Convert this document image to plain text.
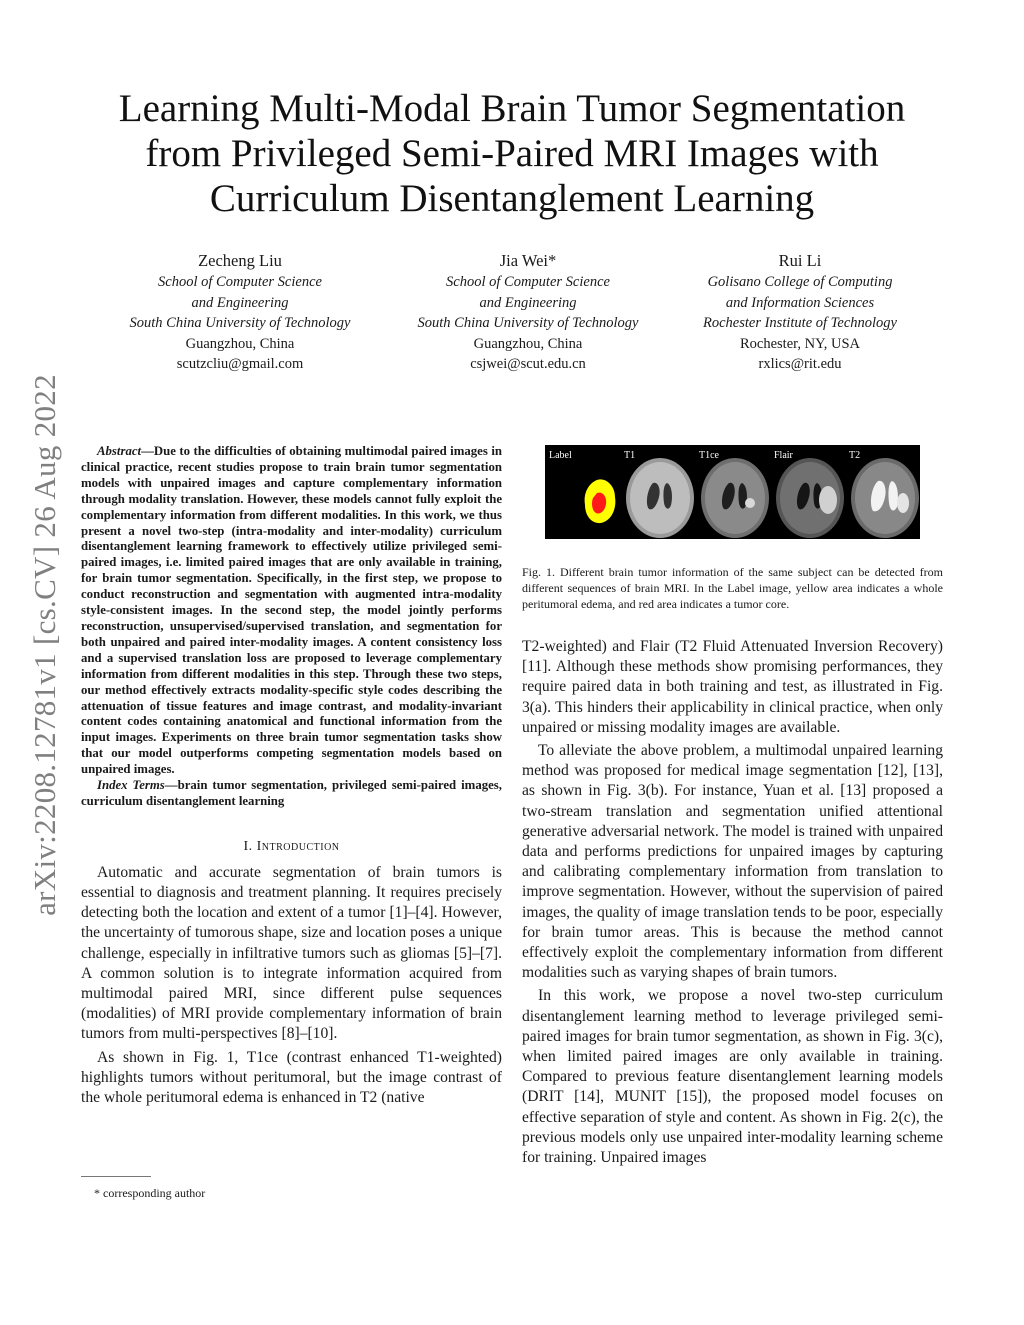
arXiv:2208.12781v1 [cs.CV] 26 Aug 2022
Learning Multi-Modal Brain Tumor Segmentation
from Privileged Semi-Paired MRI Images with
Curriculum Disentanglement Learning
Zecheng Liu
School of Computer Science
and Engineering
South China University of Technology
Guangzhou, China
scutzcliu@gmail.com
Jia Wei*
School of Computer Science
and Engineering
South China University of Technology
Guangzhou, China
csjwei@scut.edu.cn
Rui Li
Golisano College of Computing
and Information Sciences
Rochester Institute of Technology
Rochester, NY, USA
rxlics@rit.edu

Abstract—Due to the difficulties of obtaining multimodal paired images in clinical practice, recent studies propose to train brain tumor segmentation models with unpaired images and capture complementary information through modality translation. However, these models cannot fully exploit the complementary information from different modalities. In this work, we thus present a novel two-step (intra-modality and inter-modality) curriculum disentanglement learning framework to effectively utilize privileged semi-paired images, i.e. limited paired images that are only available in training, for brain tumor segmentation. Specifically, in the first step, we propose to conduct reconstruction and segmentation with augmented intra-modality style-consistent images. In the second step, the model jointly performs reconstruction, unsupervised/supervised translation, and segmentation for both unpaired and paired inter-modality images. A content consistency loss and a supervised translation loss are proposed to leverage complementary information from different modalities in this step. Through these two steps, our method effectively extracts modality-specific style codes describing the attenuation of tissue features and image contrast, and modality-invariant content codes containing anatomical and functional information from the input images. Experiments on three brain tumor segmentation tasks show that our model outperforms competing segmentation models based on unpaired images.

Index Terms—brain tumor segmentation, privileged semi-paired images, curriculum disentanglement learning

I. Introduction

Automatic and accurate segmentation of brain tumors is essential to diagnosis and treatment planning. It requires precisely detecting both the location and extent of a tumor [1]–[4]. However, the uncertainty of tumorous shape, size and location poses a unique challenge, especially in infiltrative tumors such as gliomas [5]–[7]. A common solution is to integrate information acquired from multimodal paired MRI, since different pulse sequences (modalities) of MRI provide complementary information of brain tumors from multi-perspectives [8]–[10].

As shown in Fig. 1, T1ce (contrast enhanced T1-weighted) highlights tumors without peritumoral, but the image contrast of the whole peritumoral edema is enhanced in T2 (native

* corresponding author
Label	T1	T1ce	Flair	T2
Fig. 1. Different brain tumor information of the same subject can be detected from different sequences of brain MRI. In the Label image, yellow area indicates a whole peritumoral edema, and red area indicates a tumor core.

T2-weighted) and Flair (T2 Fluid Attenuated Inversion Recovery) [11]. Although these methods show promising performances, they require paired data in both training and test, as illustrated in Fig. 3(a). This hinders their applicability in clinical practice, when only unpaired or missing modality images are available.

To alleviate the above problem, a multimodal unpaired learning method was proposed for medical image segmentation [12], [13], as shown in Fig. 3(b). For instance, Yuan et al. [13] proposed a two-stream translation and segmentation unified attentional generative adversarial network. The model is trained with unpaired data and performs predictions for unpaired images by capturing and calibrating complementary information from translation to improve segmentation. However, without the supervision of paired images, the quality of image translation tends to be poor, especially for brain tumor areas. This is because the method cannot effectively exploit the complementary information from different modalities such as varying shapes of brain tumors.

In this work, we propose a novel two-step curriculum disentanglement learning method to leverage privileged semi-paired images for brain tumor segmentation, as shown in Fig. 3(c), when limited paired images are only available in training. Compared to previous feature disentanglement learning models (DRIT [14], MUNIT [15]), the proposed model focuses on effective separation of style and content. As shown in Fig. 2(c), the previous models only use unpaired inter-modality learning scheme for training. Unpaired images
